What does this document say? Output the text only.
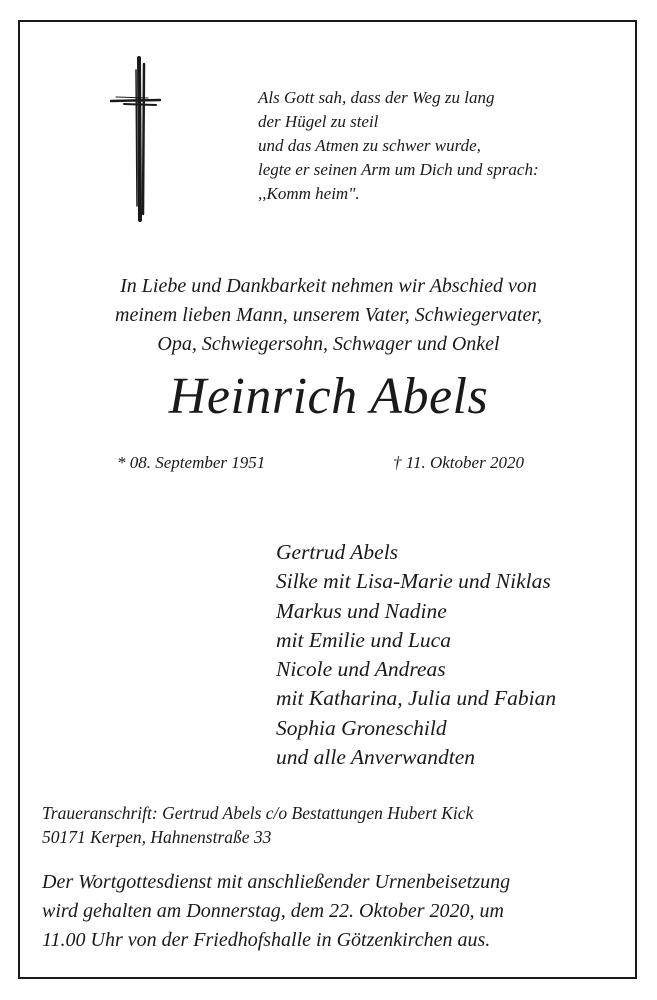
Als Gott sah, dass der Weg zu lang
der Hügel zu steil
und das Atmen zu schwer wurde,
legte er seinen Arm um Dich und sprach:
,,Komm heim".
In Liebe und Dankbarkeit nehmen wir Abschied von
meinem lieben Mann, unserem Vater, Schwiegervater,
Opa, Schwiegersohn, Schwager und Onkel
Heinrich Abels
* 08. September 1951	† 11. Oktober 2020
Gertrud Abels
Silke mit Lisa-Marie und Niklas
Markus und Nadine
mit Emilie und Luca
Nicole und Andreas
mit Katharina, Julia und Fabian
Sophia Groneschild
und alle Anverwandten
Traueranschrift: Gertrud Abels c/o Bestattungen Hubert Kick
50171 Kerpen, Hahnenstraße 33
Der Wortgottesdienst mit anschließender Urnenbeisetzung
wird gehalten am Donnerstag, dem 22. Oktober 2020, um
11.00 Uhr von der Friedhofshalle in Götzenkirchen aus.
